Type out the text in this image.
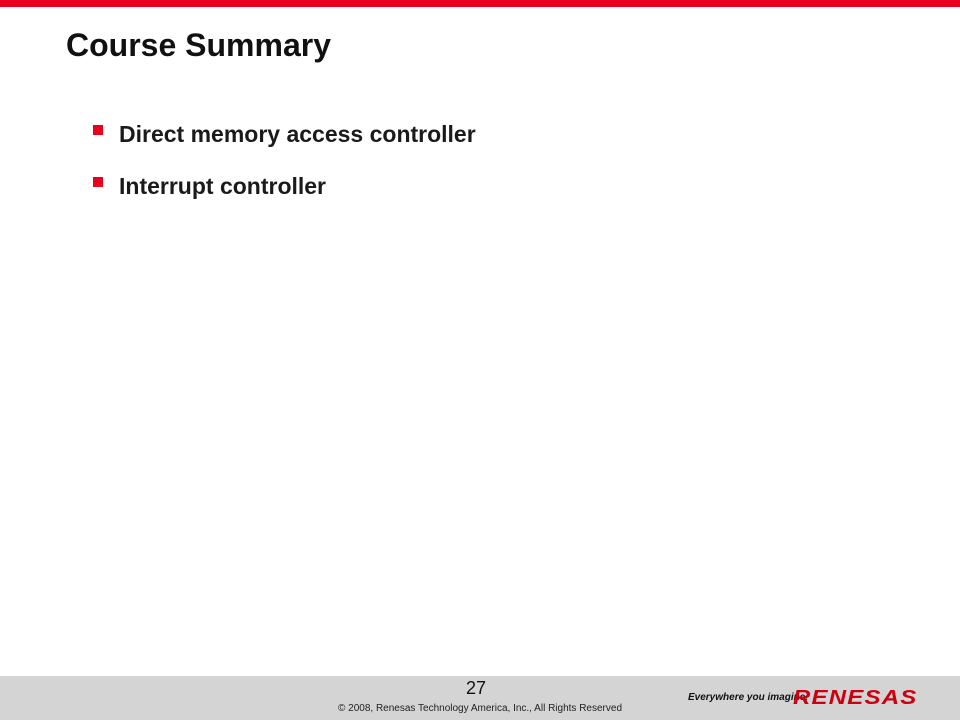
Course Summary
Direct memory access controller
Interrupt controller
27
© 2008, Renesas Technology America, Inc., All Rights Reserved
Everywhere you imagine.
RENESAS
